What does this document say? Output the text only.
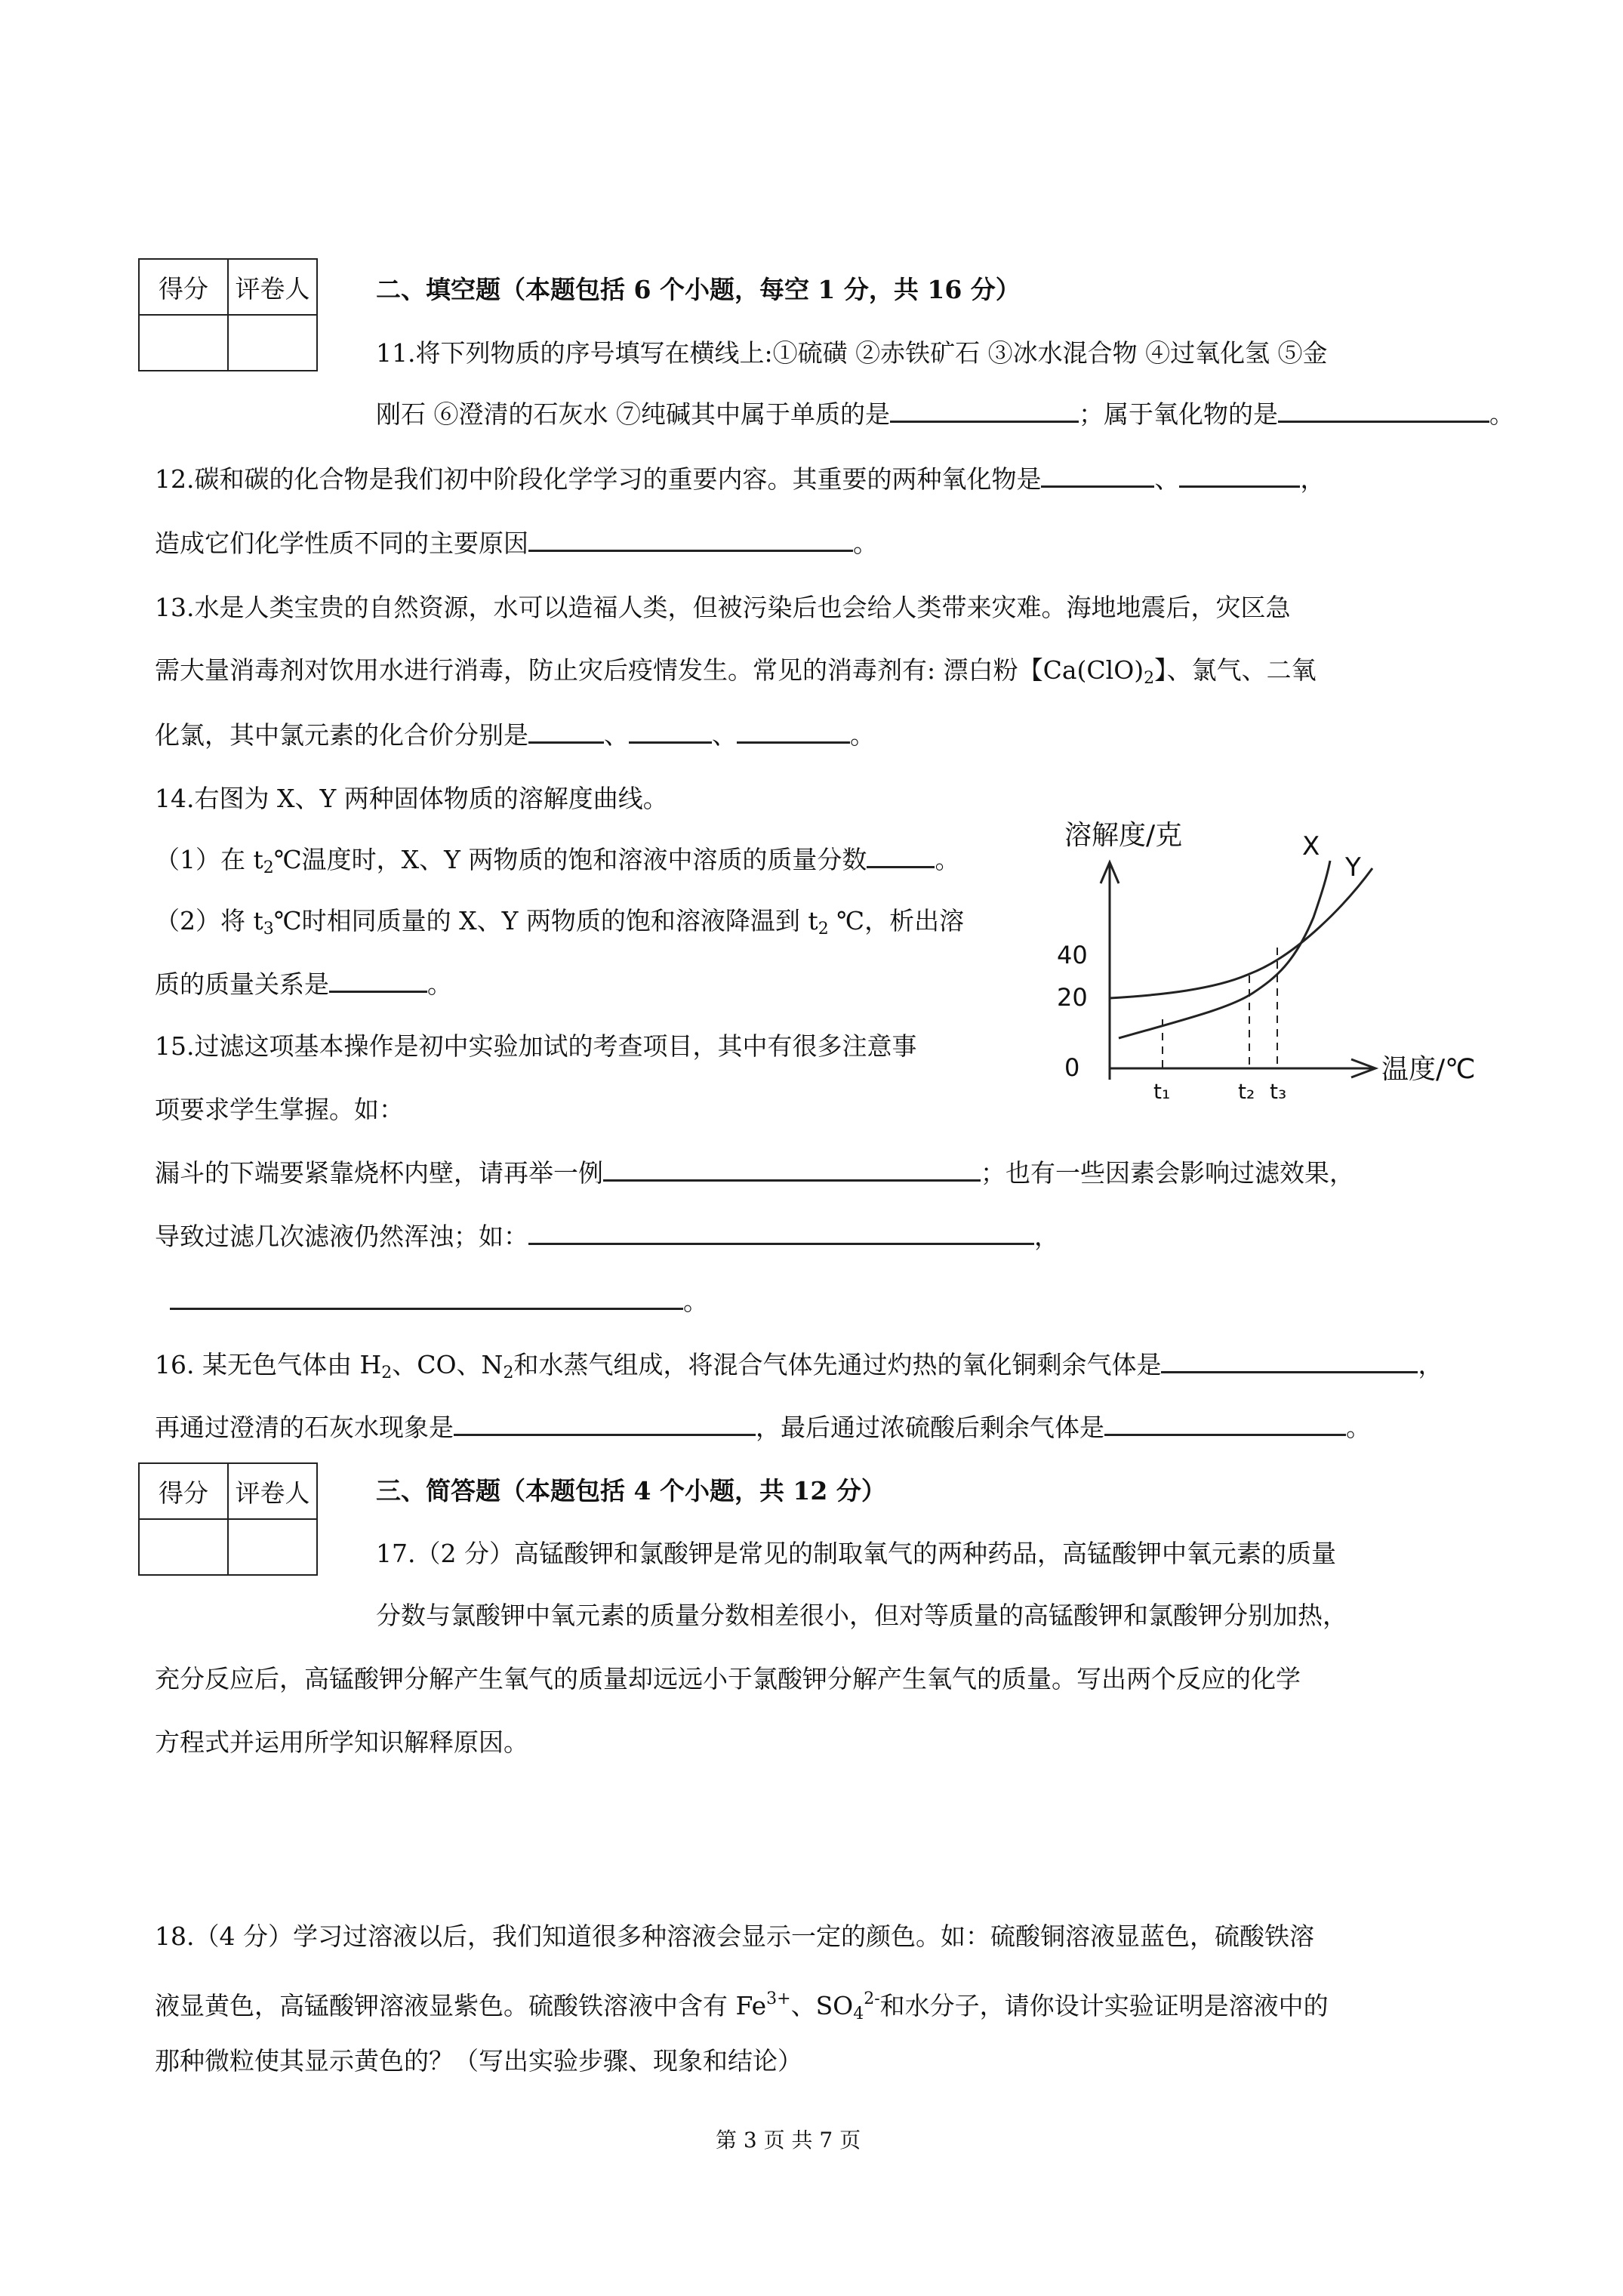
得分	评卷人
		二、填空题（本题包括 6 个小题，每空 1 分，共 16 分）
11.将下列物质的序号填写在横线上:①硫磺 ②赤铁矿石 ③冰水混合物 ④过氧化氢 ⑤金
刚石 ⑥澄清的石灰水 ⑦纯碱其中属于单质的是	；属于氧化物的是	。
12.碳和碳的化合物是我们初中阶段化学学习的重要内容。其重要的两种氧化物是	、	，
造成它们化学性质不同的主要原因	。
13.水是人类宝贵的自然资源，水可以造福人类，但被污染后也会给人类带来灾难。海地地震后，灾区急
需大量消毒剂对饮用水进行消毒，防止灾后疫情发生。常见的消毒剂有: 漂白粉【$Ca(ClO)_2$】、氯气、二氧
化氯，其中氯元素的化合价分别是	、	、	。
14.右图为 X、Y 两种固体物质的溶解度曲线。
（1）在 $t_2℃$温度时，X、Y 两物质的饱和溶液中溶质的质量分数	。
（2）将 $t_3℃$时相同质量的 X、Y 两物质的饱和溶液降温到 $t_2$ ℃，析出溶
质的质量关系是	。
溶解度/克
温度/℃
0
20
40
X
Y
t₁	t₂ t₃
15.过滤这项基本操作是初中实验加试的考查项目，其中有很多注意事
项要求学生掌握。如：
漏斗的下端要紧靠烧杯内壁，请再举一例	；也有一些因素会影响过滤效果，
导致过滤几次滤液仍然浑浊；如：	，
。
16. 某无色气体由 $H_2$、CO、$N_2$和水蒸气组成，将混合气体先通过灼热的氧化铜剩余气体是	，
再通过澄清的石灰水现象是	，最后通过浓硫酸后剩余气体是	。
得分	评卷人
		三、简答题（本题包括 4 个小题，共 12 分）
17.（2 分）高锰酸钾和氯酸钾是常见的制取氧气的两种药品，高锰酸钾中氧元素的质量
分数与氯酸钾中氧元素的质量分数相差很小，但对等质量的高锰酸钾和氯酸钾分别加热，
充分反应后，高锰酸钾分解产生氧气的质量却远远小于氯酸钾分解产生氧气的质量。写出两个反应的化学
方程式并运用所学知识解释原因。
18.（4 分）学习过溶液以后，我们知道很多种溶液会显示一定的颜色。如：硫酸铜溶液显蓝色，硫酸铁溶
液显黄色，高锰酸钾溶液显紫色。硫酸铁溶液中含有 $Fe^{3+}$、$SO_4^{2-}$和水分子，请你设计实验证明是溶液中的
那种微粒使其显示黄色的？（写出实验步骤、现象和结论）
第 3 页 共 7 页
